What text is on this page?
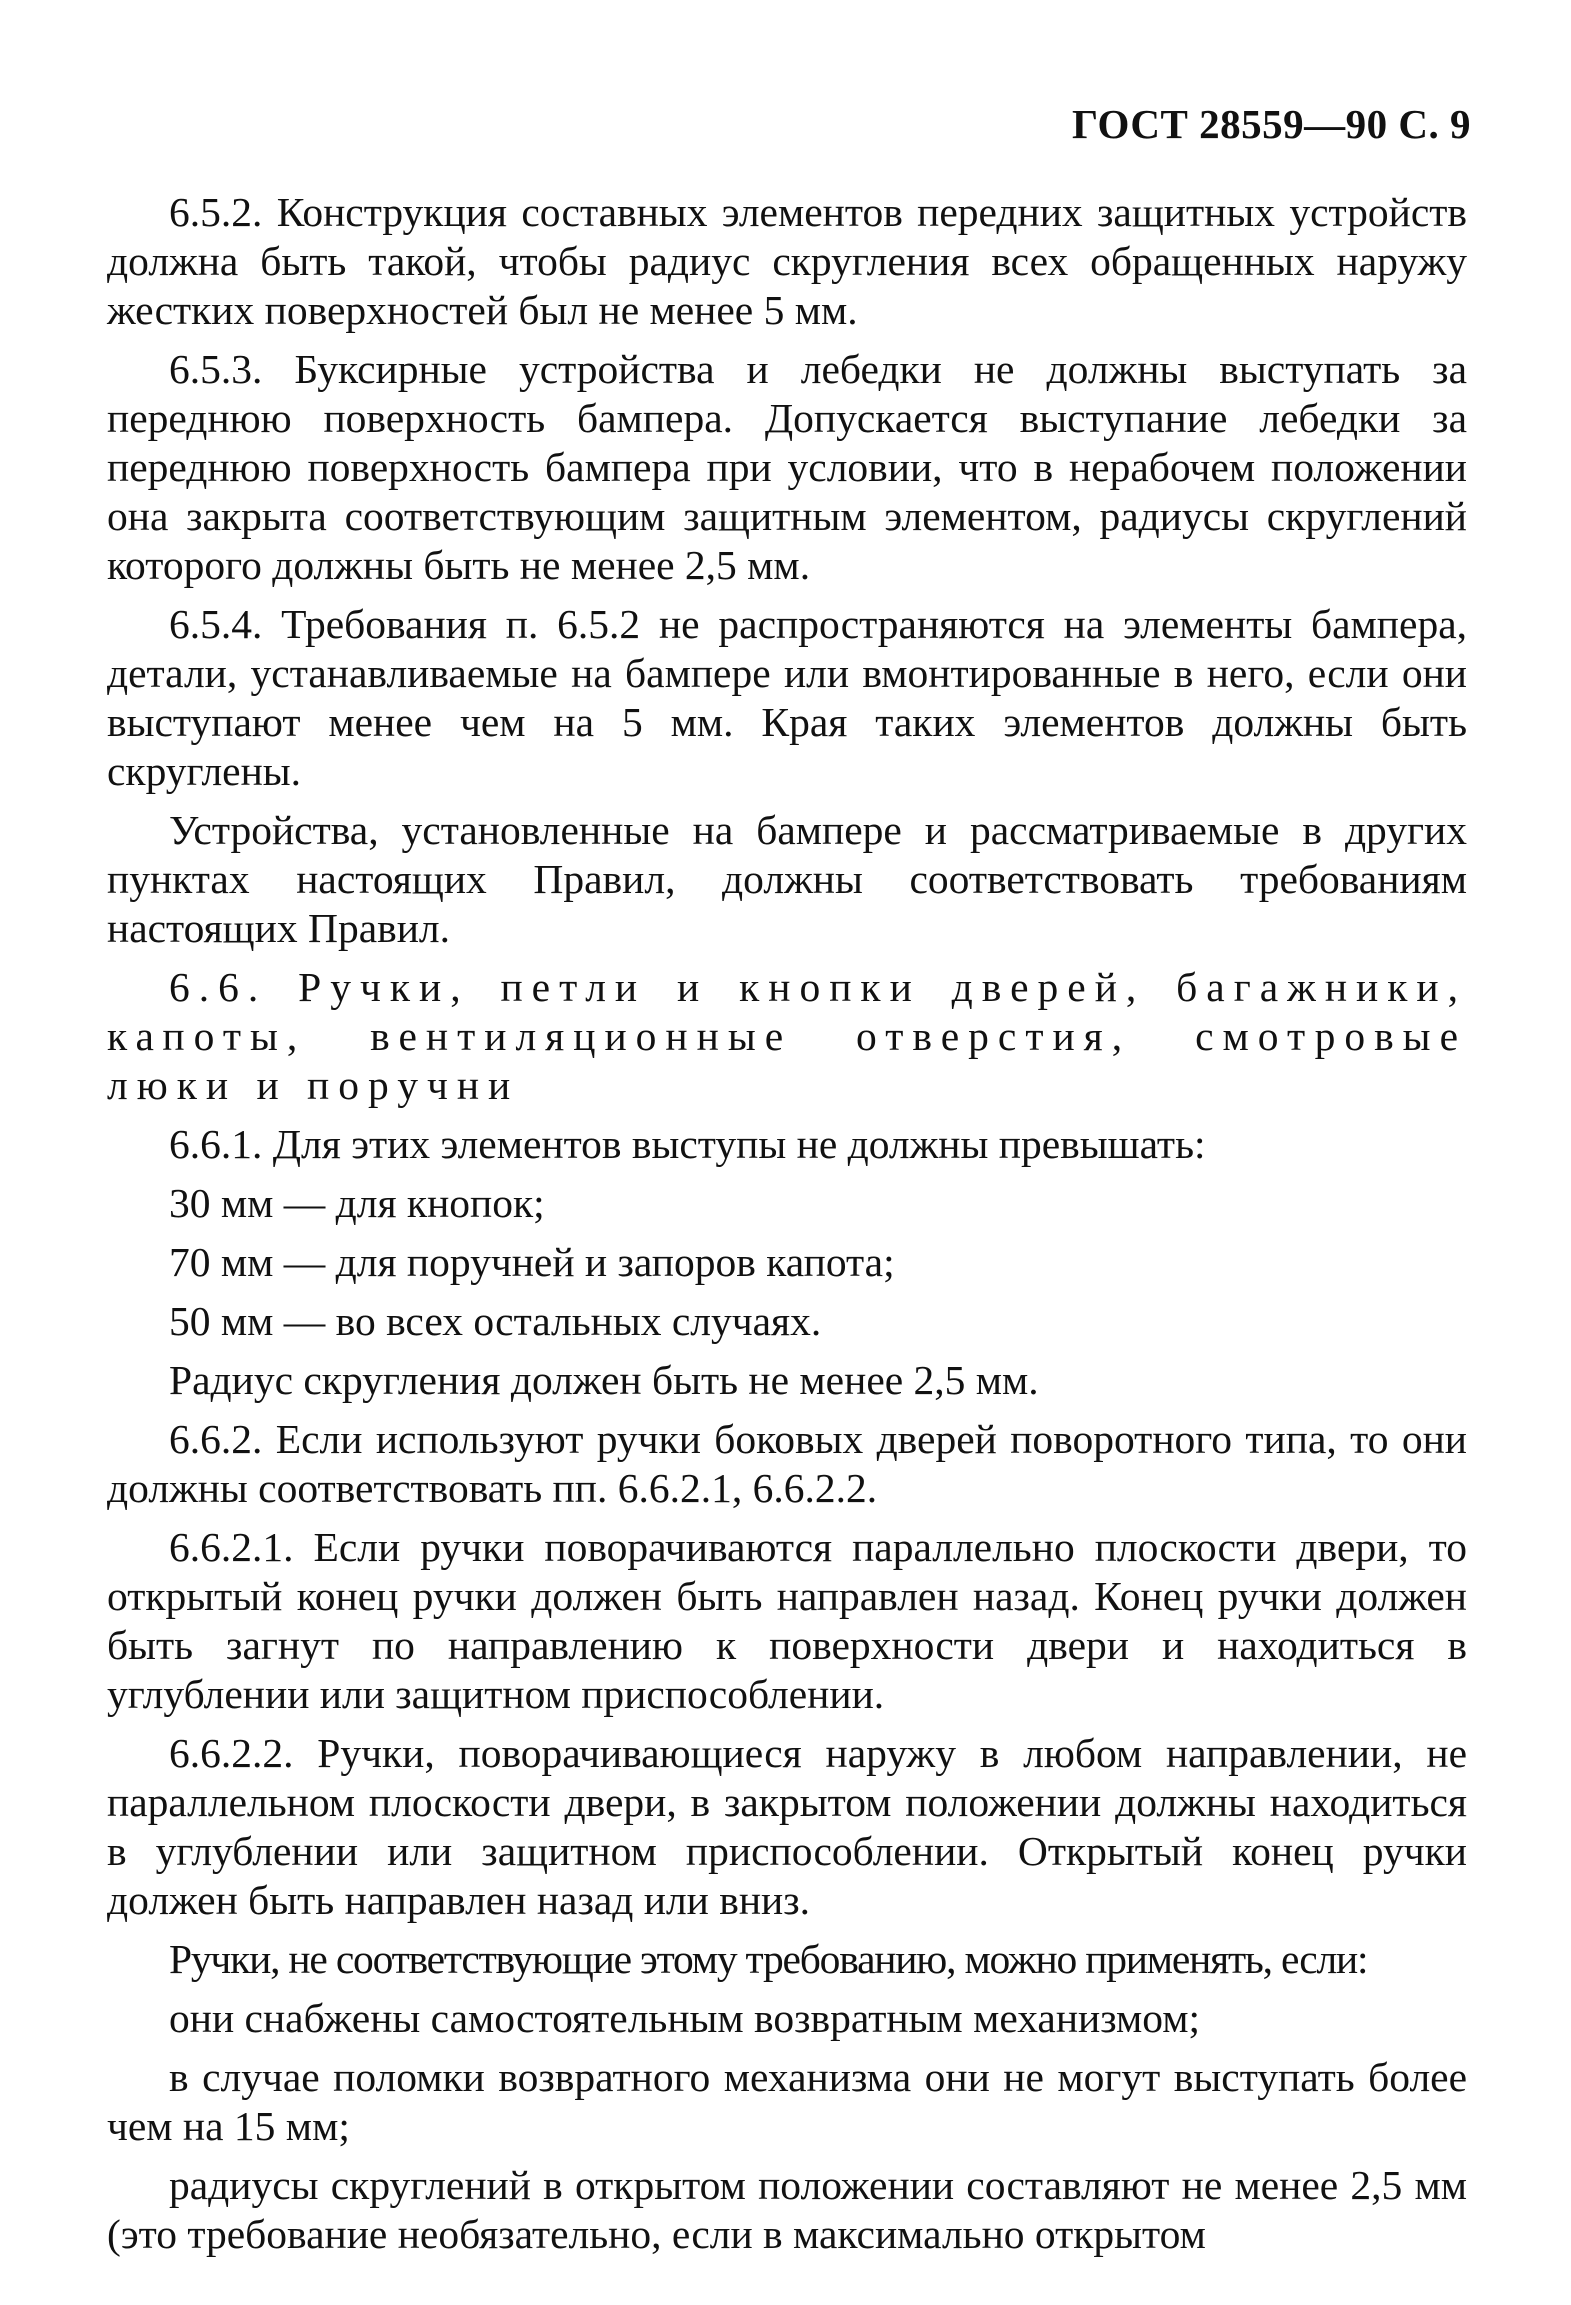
ГОСТ 28559—90 С. 9

6.5.2. Конструкция составных элементов передних защитных устройств должна быть такой, чтобы радиус скругления всех обращенных наружу жестких поверхностей был не менее 5 мм.

6.5.3. Буксирные устройства и лебедки не должны выступать за переднюю поверхность бампера. Допускается выступание лебедки за переднюю поверхность бампера при условии, что в нерабочем положении она закрыта соответствующим защитным элементом, радиусы скруглений которого должны быть не менее 2,5 мм.

6.5.4. Требования п. 6.5.2 не распространяются на элементы бампера, детали, устанавливаемые на бампере или вмонтированные в него, если они выступают менее чем на 5 мм. Края таких элементов должны быть скруглены.

Устройства, установленные на бампере и рассматриваемые в других пунктах настоящих Правил, должны соответствовать требованиям настоящих Правил.

6.6. Ручки, петли и кнопки дверей, багажники, капоты, вентиляционные отверстия, смотровые люки и поручни

6.6.1. Для этих элементов выступы не должны превышать:

30 мм — для кнопок;

70 мм — для поручней и запоров капота;

50 мм — во всех остальных случаях.

Радиус скругления должен быть не менее 2,5 мм.

6.6.2. Если используют ручки боковых дверей поворотного типа, то они должны соответствовать пп. 6.6.2.1, 6.6.2.2.

6.6.2.1. Если ручки поворачиваются параллельно плоскости двери, то открытый конец ручки должен быть направлен назад. Конец ручки должен быть загнут по направлению к поверхности двери и находиться в углублении или защитном приспособлении.

6.6.2.2. Ручки, поворачивающиеся наружу в любом направлении, не параллельном плоскости двери, в закрытом положении должны находиться в углублении или защитном приспособлении. Открытый конец ручки должен быть направлен назад или вниз.

Ручки, не соответствующие этому требованию, можно применять, если:

они снабжены самостоятельным возвратным механизмом;

в случае поломки возвратного механизма они не могут выступать более чем на 15 мм;

радиусы скруглений в открытом положении составляют не менее 2,5 мм (это требование необязательно, если в максимально открытом
